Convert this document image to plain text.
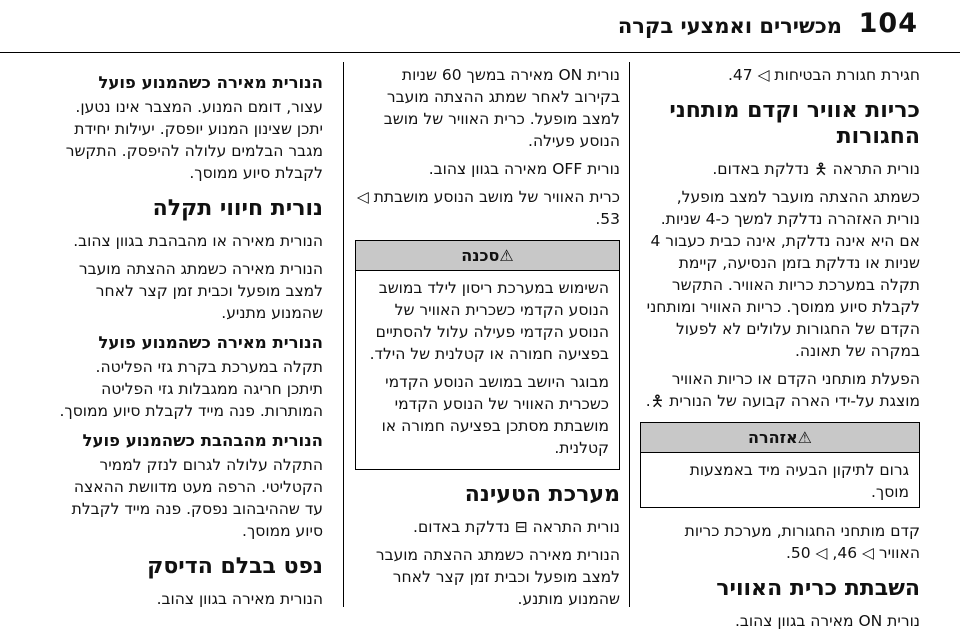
104
מכשירים ואמצעי בקרה

חגירת חגורת הבטיחות ◁ 47.

כריות אוויר וקדם מותחני החגורות

נורית התראה 🯅 נדלקת באדום.

כשמתג ההצתה מועבר למצב מופעל, נורית האזהרה נדלקת למשך כ-4 שניות. אם היא אינה נדלקת, אינה כבית כעבור 4 שניות או נדלקת בזמן הנסיעה, קיימת תקלה במערכת כריות האוויר. התקשר לקבלת סיוע ממוסך. כריות האוויר ומותחני הקדם של החגורות עלולים לא לפעול במקרה של תאונה.

הפעלת מותחני הקדם או כריות האוויר מוצגת על-ידי הארה קבועה של הנורית 🯅.

⚠אזהרה
גרום לתיקון הבעיה מיד באמצעות מוסך.

קדם מותחני החגורות, מערכת כריות האוויר ◁ 46, ◁ 50.

השבתת כרית האוויר

נורית ON מאירה בגוון צהוב.

נורית ON מאירה במשך 60 שניות בקירוב לאחר שמתג ההצתה מועבר למצב מופעל. כרית האוויר של מושב הנוסע פעילה.

נורית OFF מאירה בגוון צהוב.

כרית האוויר של מושב הנוסע מושבתת ◁ 53.

⚠סכנה

השימוש במערכת ריסון לילד במושב הנוסע הקדמי כשכרית האוויר של הנוסע הקדמי פעילה עלול להסתיים בפציעה חמורה או קטלנית של הילד.

מבוגר היושב במושב הנוסע הקדמי כשכרית האוויר של הנוסע הקדמי מושבתת מסתכן בפציעה חמורה או קטלנית.

מערכת הטעינה

נורית התראה ⊟ נדלקת באדום.

הנורית מאירה כשמתג ההצתה מועבר למצב מופעל וכבית זמן קצר לאחר שהמנוע מותנע.

הנורית מאירה כשהמנוע פועל

עצור, דומם המנוע. המצבר אינו נטען. יתכן שצינון המנוע יופסק. יעילות יחידת מגבר הבלמים עלולה להיפסק. התקשר לקבלת סיוע ממוסך.

נורית חיווי תקלה

הנורית מאירה או מהבהבת בגוון צהוב.

הנורית מאירה כשמתג ההצתה מועבר למצב מופעל וכבית זמן קצר לאחר שהמנוע מתניע.

הנורית מאירה כשהמנוע פועל

תקלה במערכת בקרת גזי הפליטה. תיתכן חריגה ממגבלות גזי הפליטה המותרות. פנה מייד לקבלת סיוע ממוסך.

הנורית מהבהבת כשהמנוע פועל

התקלה עלולה לגרום לנזק לממיר הקטליטי. הרפה מעט מדוושת ההאצה עד שההיבהוב נפסק. פנה מייד לקבלת סיוע ממוסך.

נפט בבלם הדיסק

הנורית מאירה בגוון צהוב.
